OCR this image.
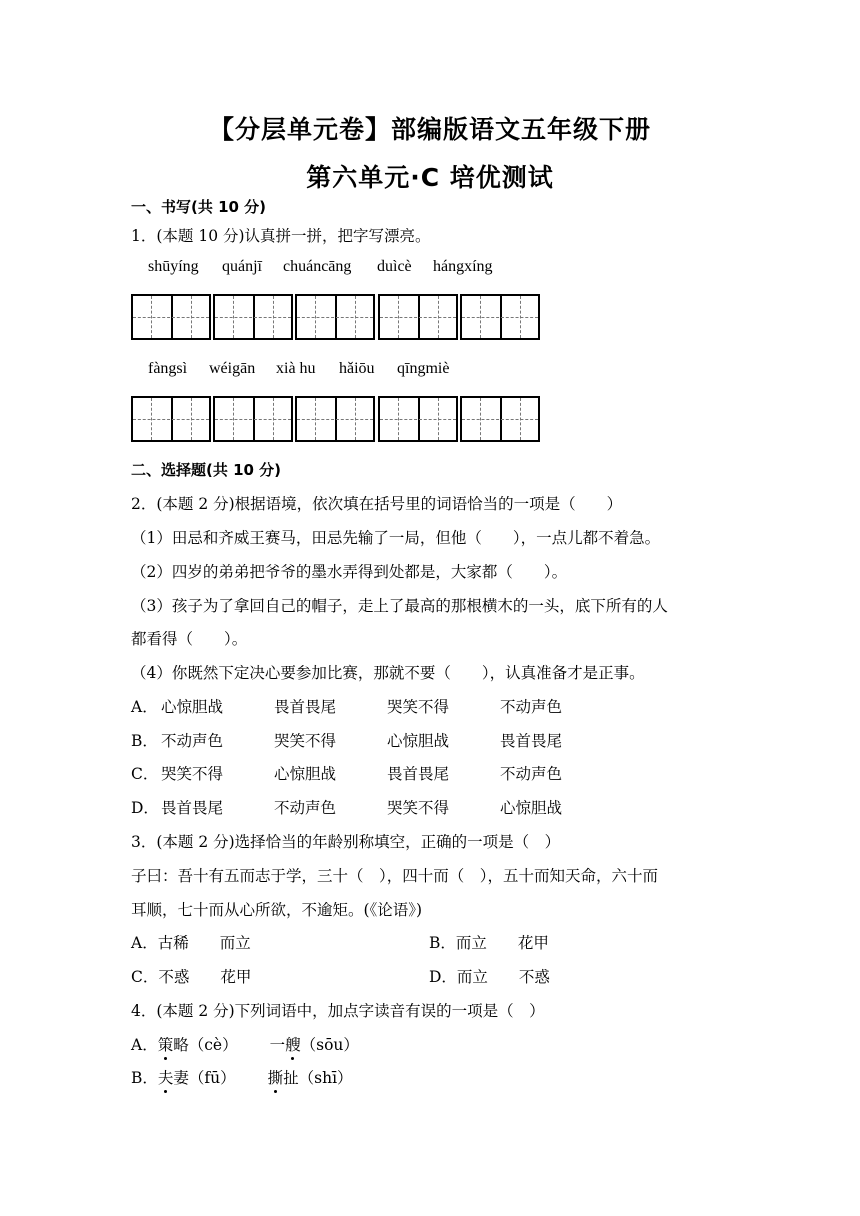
【分层单元卷】部编版语文五年级下册
第六单元·C 培优测试
一、书写(共 10 分)
1．(本题 10 分)认真拼一拼，把字写漂亮。
shūyíng quánjī chuáncāng duìcè hángxíng
fàngsì wéigān xià hu hǎiōu qīngmiè
二、选择题(共 10 分)
2．(本题 2 分)根据语境，依次填在括号里的词语恰当的一项是（　　）
（1）田忌和齐威王赛马，田忌先输了一局，但他（　　），一点儿都不着急。
（2）四岁的弟弟把爷爷的墨水弄得到处都是，大家都（　　）。
（3）孩子为了拿回自己的帽子，走上了最高的那根横木的一头，底下所有的人
都看得（　　）。
（4）你既然下定决心要参加比赛，那就不要（　　），认真准备才是正事。
A． 心惊胆战	畏首畏尾	哭笑不得	不动声色
B． 不动声色	哭笑不得	心惊胆战	畏首畏尾
C． 哭笑不得	心惊胆战	畏首畏尾	不动声色
D． 畏首畏尾	不动声色	哭笑不得	心惊胆战
3．(本题 2 分)选择恰当的年龄别称填空，正确的一项是（　）
子曰：吾十有五而志于学，三十（　），四十而（　），五十而知天命，六十而
耳顺，七十而从心所欲，不逾矩。(《论语》)
A．古稀　　而立	B．而立　　花甲
C．不惑　　花甲	D．而立　　不惑
4．(本题 2 分)下列词语中，加点字读音有误的一项是（　）
A．策略（cè） 一艘（sōu）
B．夫妻（fū） 撕扯（shī）
